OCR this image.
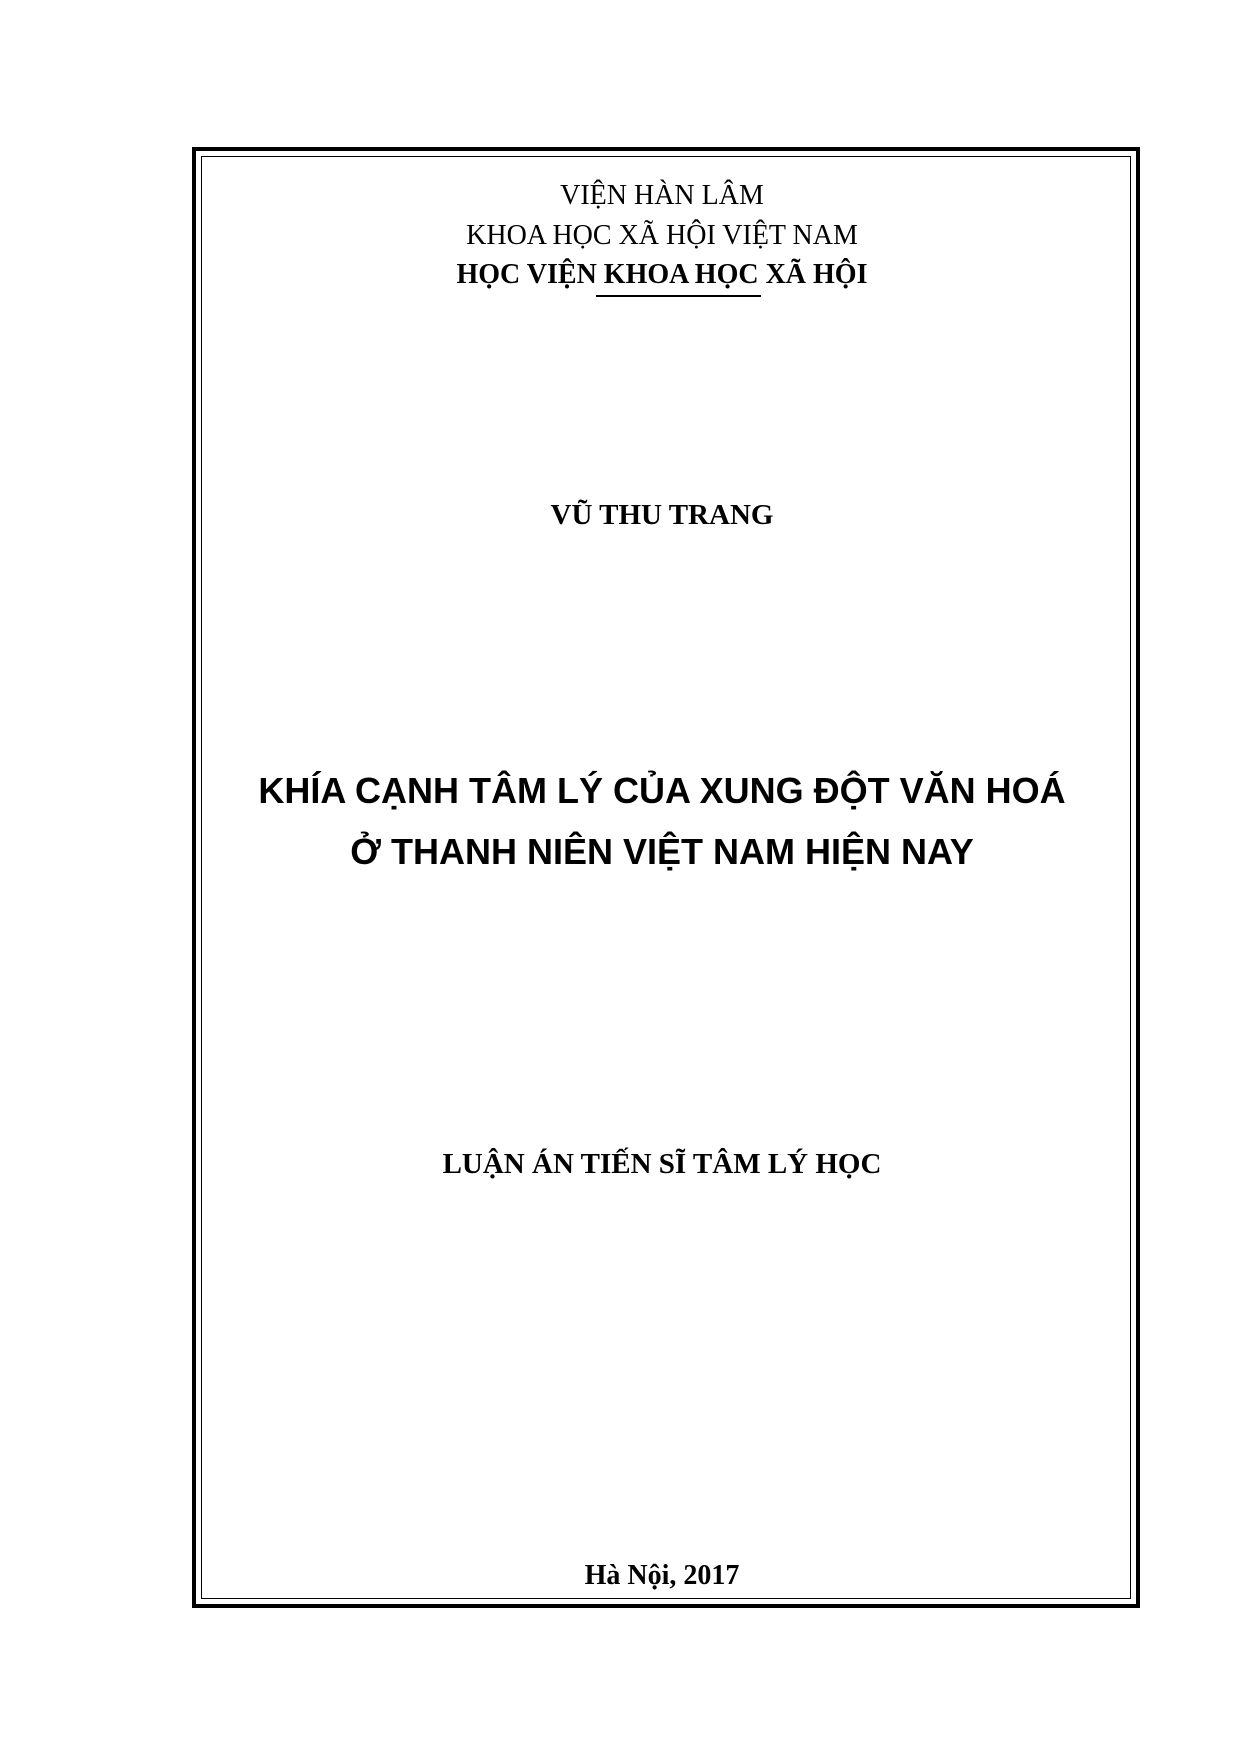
VIỆN HÀN LÂM
KHOA HỌC XÃ HỘI VIỆT NAM
HỌC VIỆN KHOA HỌC XÃ HỘI
VŨ THU TRANG
KHÍA CẠNH TÂM LÝ CỦA XUNG ĐỘT VĂN HOÁ
Ở THANH NIÊN VIỆT NAM HIỆN NAY
LUẬN ÁN TIẾN SĨ TÂM LÝ HỌC
Hà Nội, 2017
